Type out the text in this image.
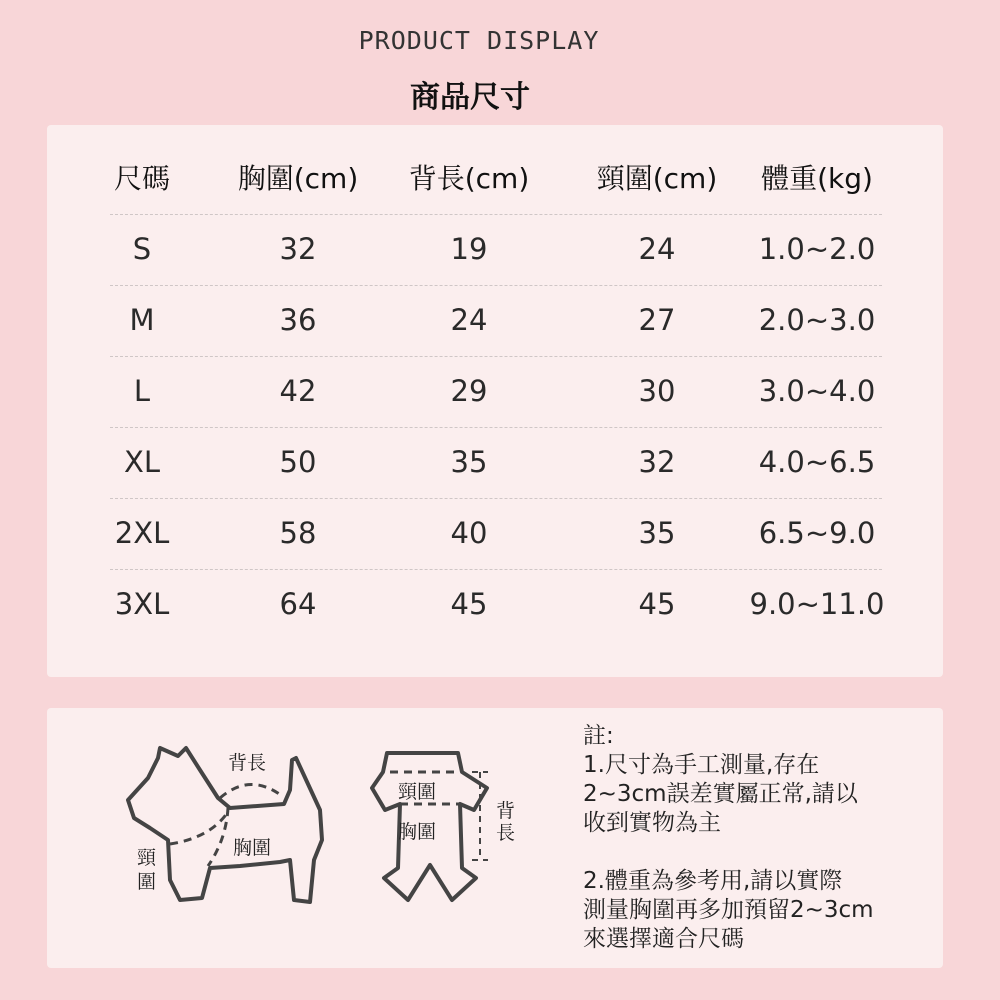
PRODUCT DISPLAY
商品尺寸
尺碼 胸圍(cm) 背長(cm) 頸圍(cm) 體重(kg)
S	32	19	24	1.0~2.0
M	36	24	27	2.0~3.0
L	42	29	30	3.0~4.0
XL	50	35	32	4.0~6.5
2XL	58	40	35	6.5~9.0
3XL	64	45	45	9.0~11.0
背長
胸圍
頸圍
頸圍
胸圍
背長
註:
1.尺寸為手工測量,存在
2~3cm誤差實屬正常,請以
收到實物為主
2.體重為參考用,請以實際
測量胸圍再多加預留2~3cm
來選擇適合尺碼
